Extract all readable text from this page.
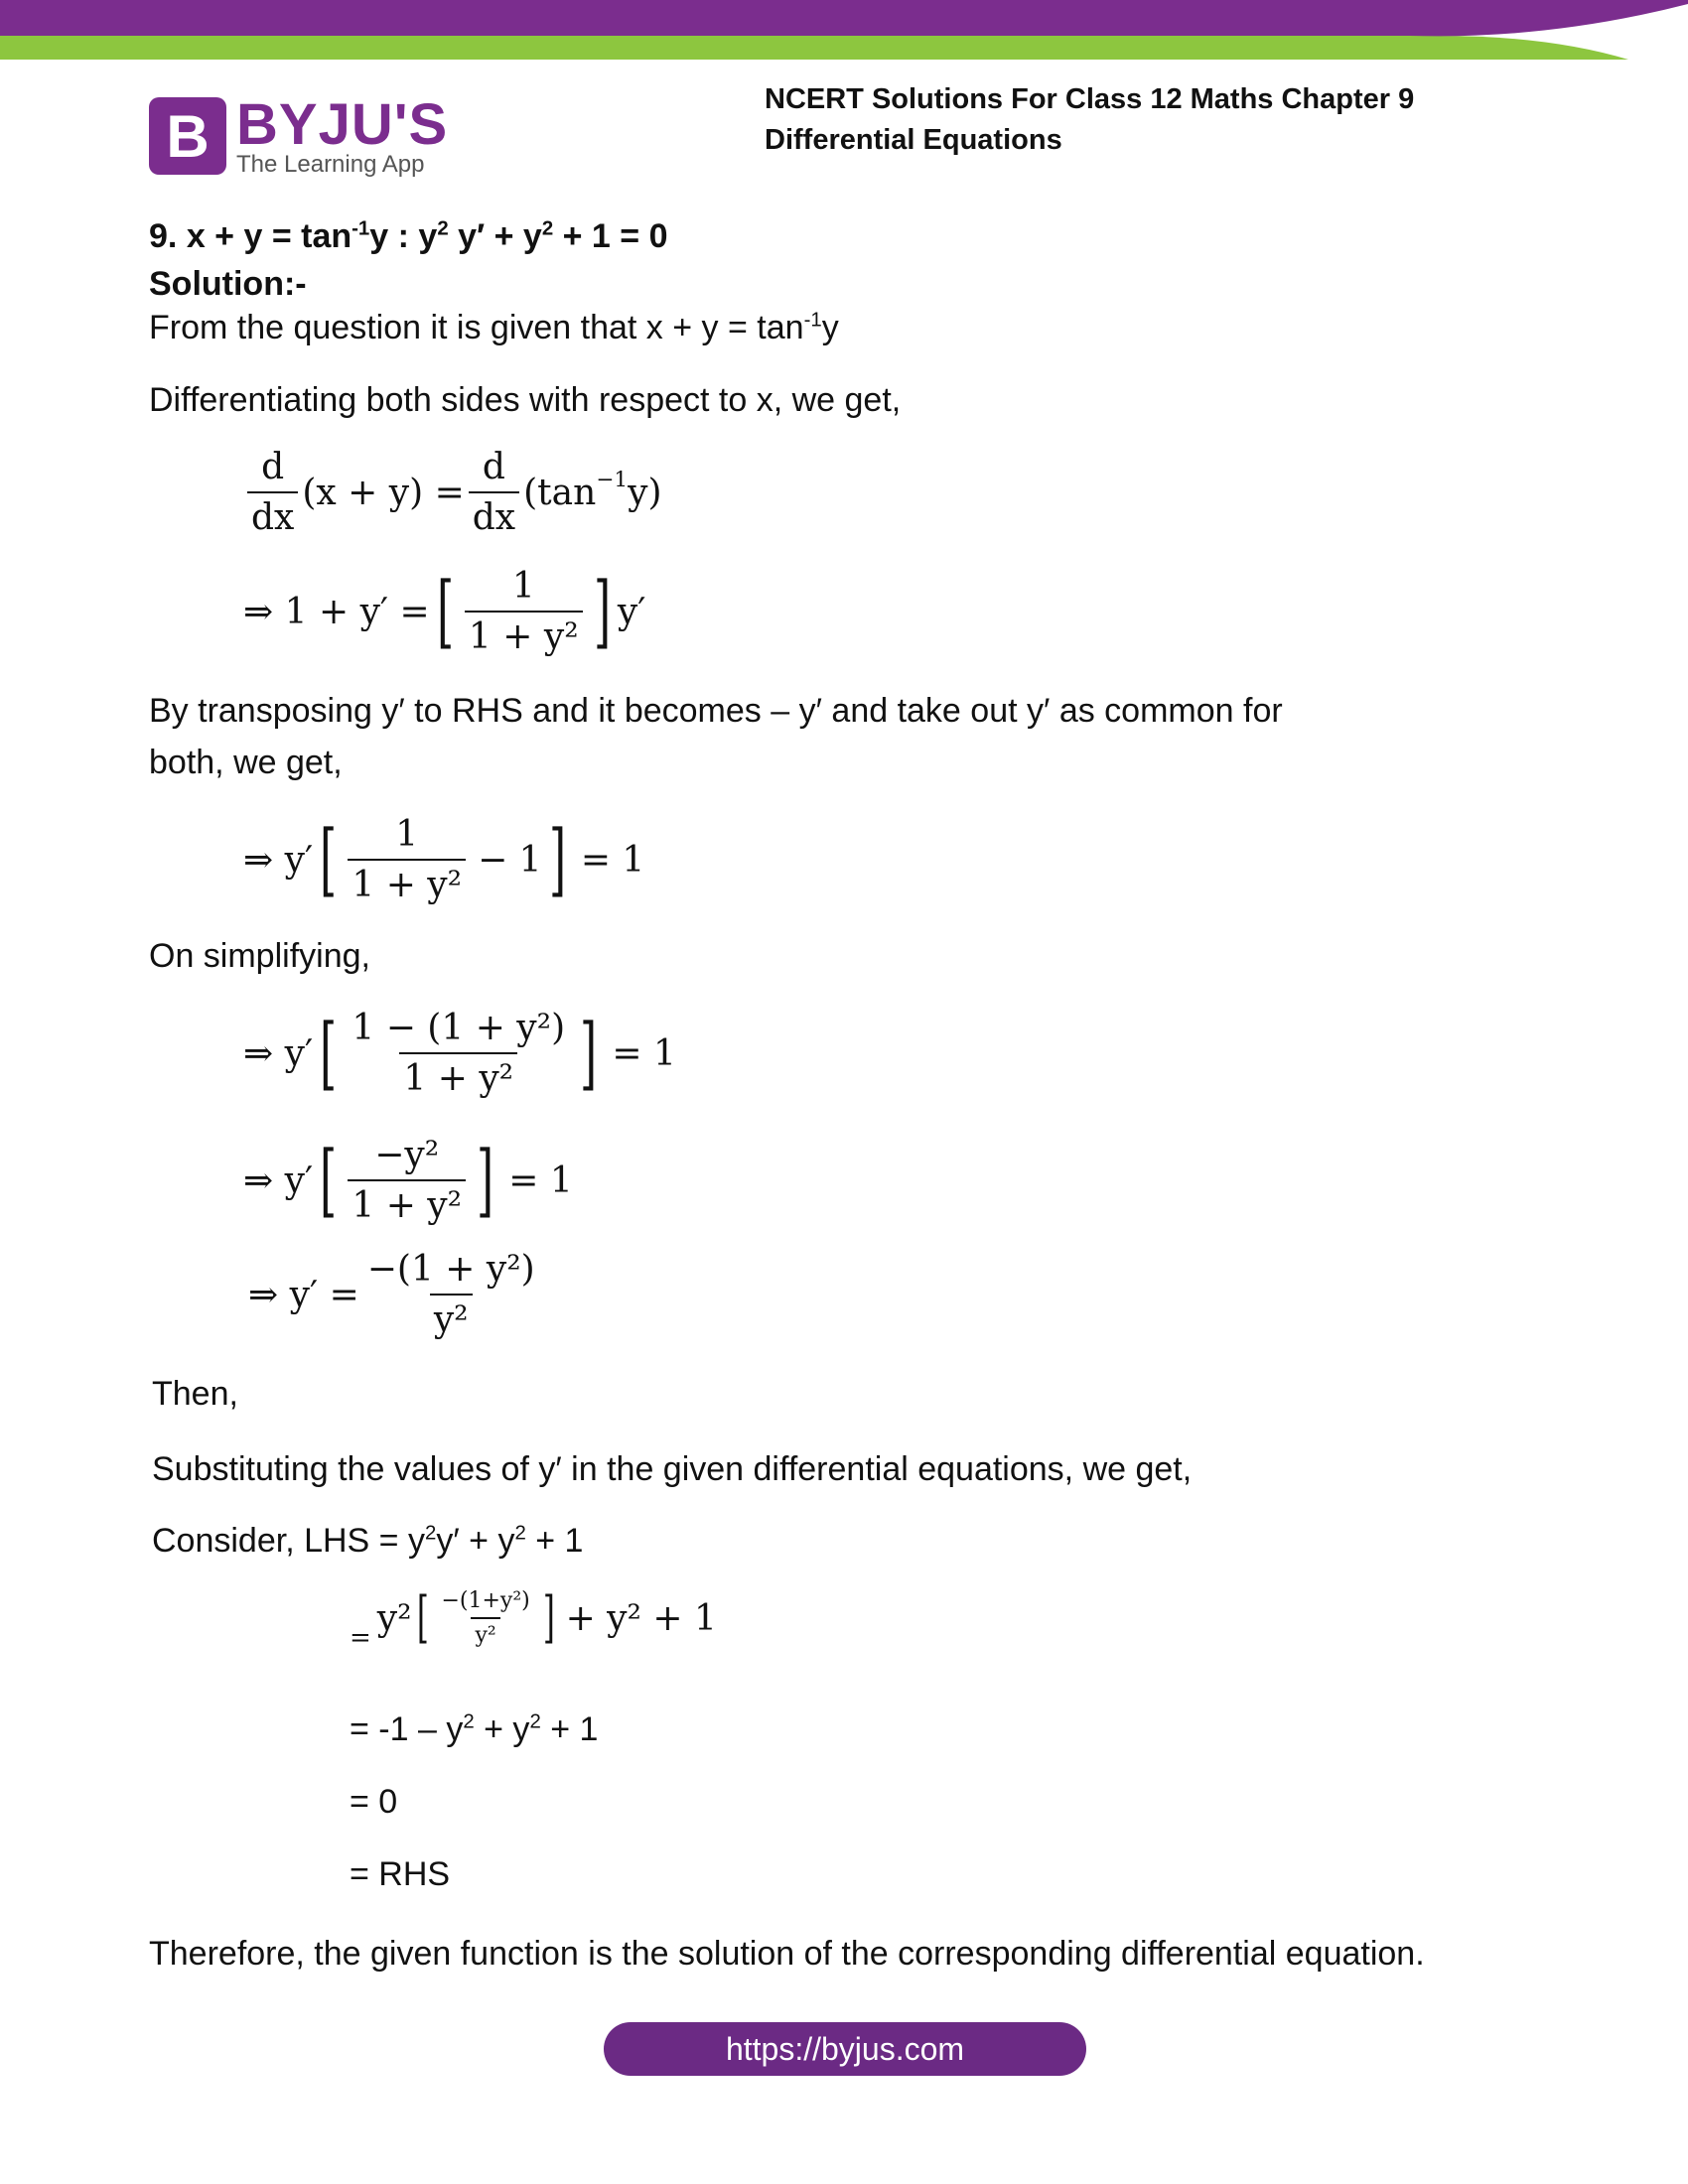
B BYJU'S
The Learning App
NCERT Solutions For Class 12 Maths Chapter 9
Differential Equations
9. $x + y = \tan^{-1}y$ : $y^2$ $y' + y^2 + 1 = 0$
Solution:-
From the question it is given that $x + y = \tan^{-1}y$
Differentiating both sides with respect to x, we get,
$\frac{d}{dx} (x + y) = \frac{d}{dx} (\tan^{-1}$ y)
⇒ 1 + y′ = [ $\frac{1}{\text{1 + y²}}$ ] y′
By transposing y′ to RHS and it becomes – y′ and take out y′ as common for
both, we get,
⇒ y′ [ $\frac{1}{\text{1 + y²}} - 1$ ] = 1
On simplifying,
⇒ y′ [ $\frac{\text{1 − (1 + y²)}}{\text{1 + y²}}$ ] = 1
⇒ y′ [ $\frac{\text{−y²}}{\text{1 + y²}}$ ] = 1
⇒ $y' = \frac{\text{−(1 + y²)}}{\text{y²}}$
Then,
Substituting the values of y′ in the given differential equations, we get,
Consider, LHS = $y^2y' + y^2 + 1$
= y² [ $\frac{\text{−(1+y²)}}{\text{y²}}$ ] + y² + 1
= $-1 - y^2 + y^2 + 1$
= 0
= RHS
Therefore, the given function is the solution of the corresponding differential equation.
https://byjus.com
